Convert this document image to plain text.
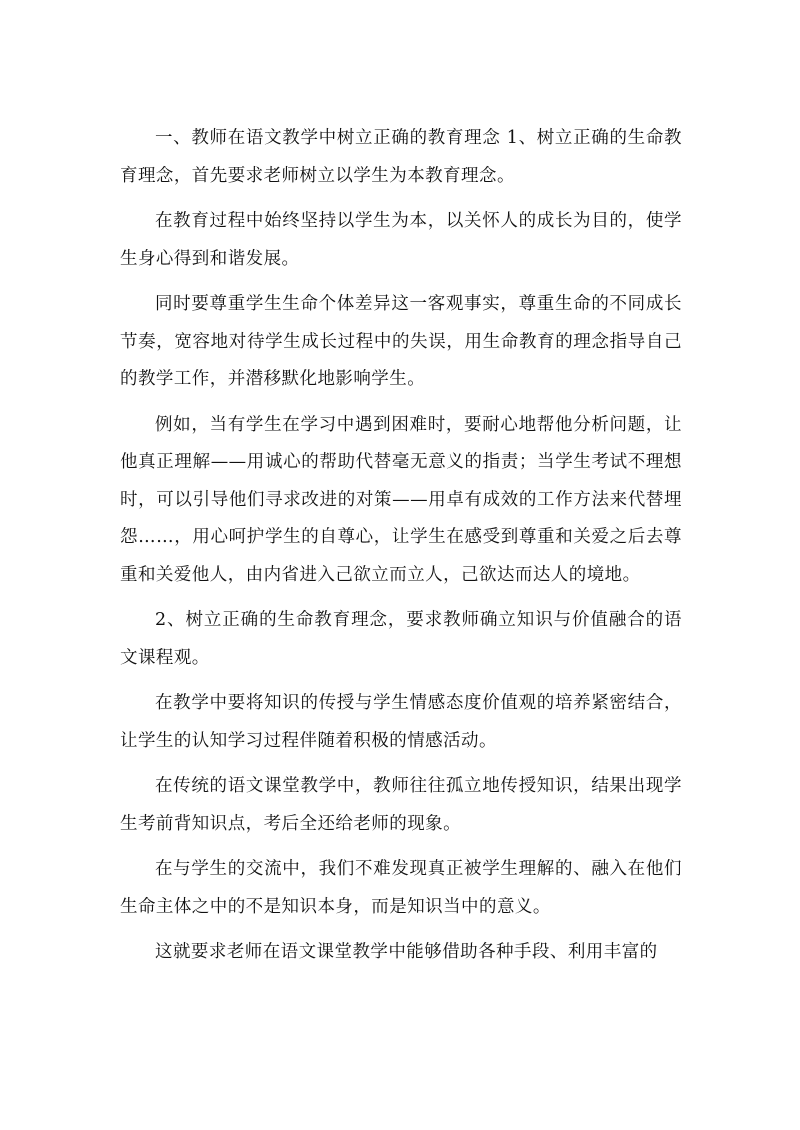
一、教师在语文教学中树立正确的教育理念 1、树立正确的生命教育理念，首先要求老师树立以学生为本教育理念。

在教育过程中始终坚持以学生为本，以关怀人的成长为目的，使学生身心得到和谐发展。

同时要尊重学生生命个体差异这一客观事实，尊重生命的不同成长节奏，宽容地对待学生成长过程中的失误，用生命教育的理念指导自己的教学工作，并潜移默化地影响学生。

例如，当有学生在学习中遇到困难时，要耐心地帮他分析问题，让他真正理解——用诚心的帮助代替毫无意义的指责；当学生考试不理想时，可以引导他们寻求改进的对策——用卓有成效的工作方法来代替埋怨……，用心呵护学生的自尊心，让学生在感受到尊重和关爱之后去尊重和关爱他人，由内省进入己欲立而立人，己欲达而达人的境地。

2、树立正确的生命教育理念，要求教师确立知识与价值融合的语文课程观。

在教学中要将知识的传授与学生情感态度价值观的培养紧密结合，让学生的认知学习过程伴随着积极的情感活动。

在传统的语文课堂教学中，教师往往孤立地传授知识，结果出现学生考前背知识点，考后全还给老师的现象。

在与学生的交流中，我们不难发现真正被学生理解的、融入在他们生命主体之中的不是知识本身，而是知识当中的意义。

这就要求老师在语文课堂教学中能够借助各种手段、利用丰富的
